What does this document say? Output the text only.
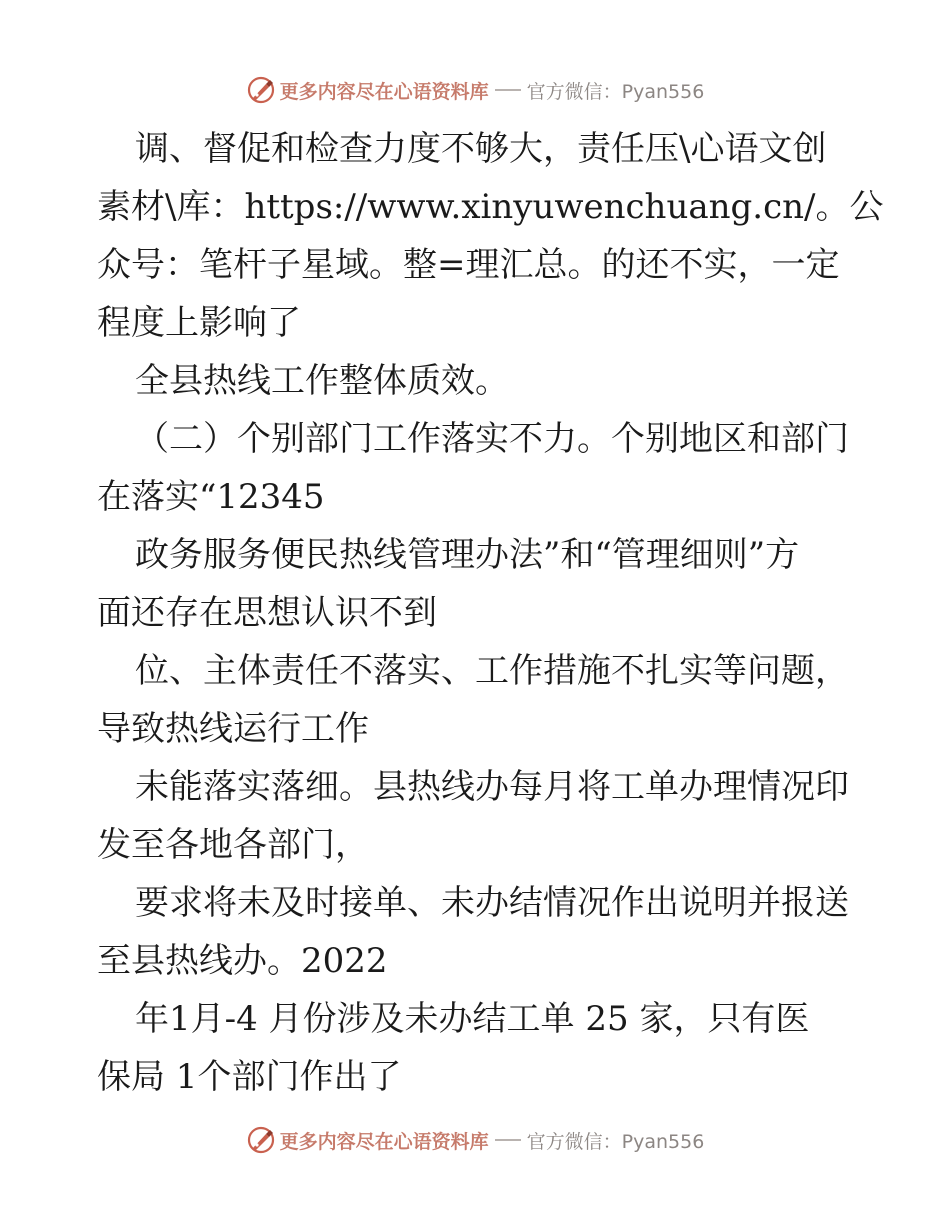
更多内容尽在心语资料库 官方微信：Pyan556
调、督促和检查力度不够大，责任压\心语文创
素材\库：https://www.xinyuwenchuang.cn/。公
众号：笔杆子星域。整=理汇总。的还不实，一定
程度上影响了
全县热线工作整体质效。
（二）个别部门工作落实不力。个别地区和部门
在落实“12345
政务服务便民热线管理办法”和“管理细则”方
面还存在思想认识不到
位、主体责任不落实、工作措施不扎实等问题，
导致热线运行工作
未能落实落细。县热线办每月将工单办理情况印
发至各地各部门，
要求将未及时接单、未办结情况作出说明并报送
至县热线办。2022
年1月-4 月份涉及未办结工单 25 家，只有医
保局 1个部门作出了
更多内容尽在心语资料库 官方微信：Pyan556
